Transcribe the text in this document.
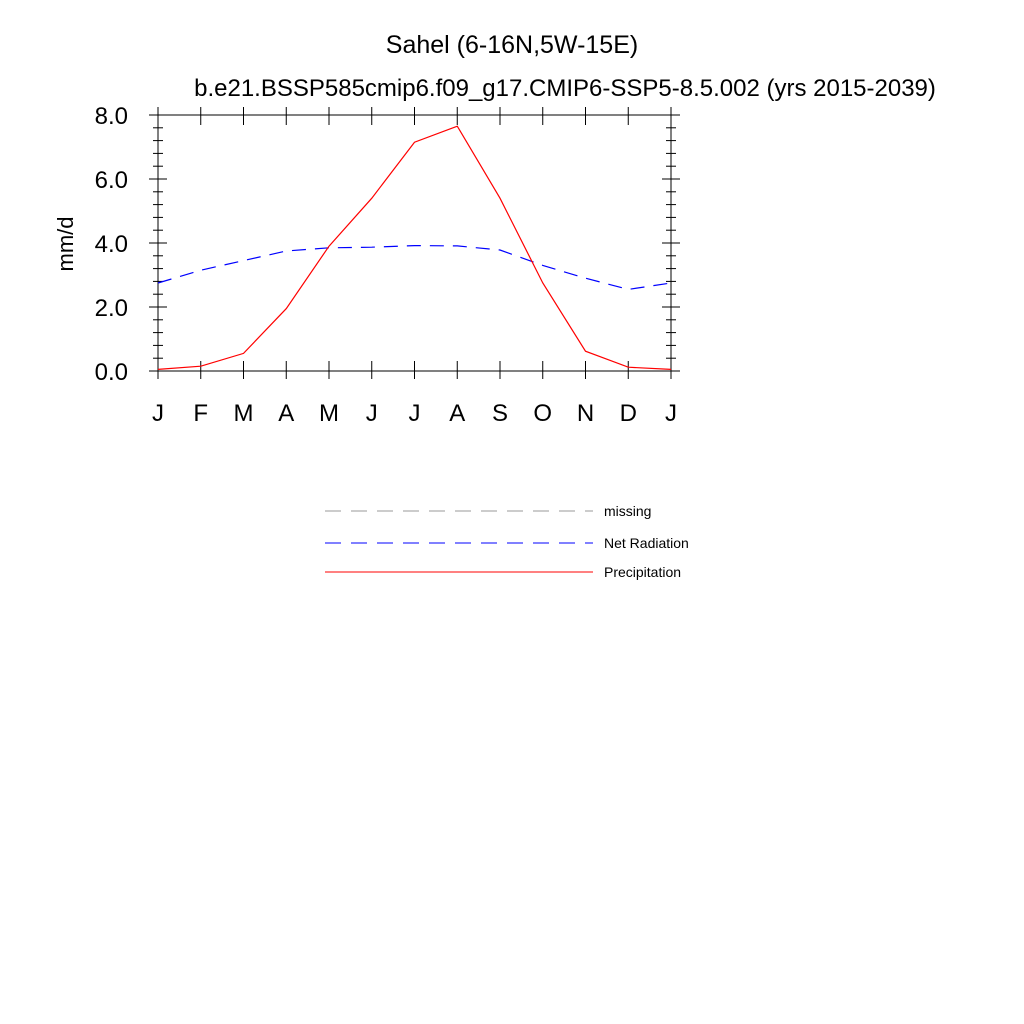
Sahel (6-16N,5W-15E)
b.e21.BSSP585cmip6.f09_g17.CMIP6-SSP5-8.5.002 (yrs 2015-2039)
mm/d
0.0
2.0
4.0
6.0
8.0
J F M A M J J A S O N D J
missing
Net Radiation
Precipitation
